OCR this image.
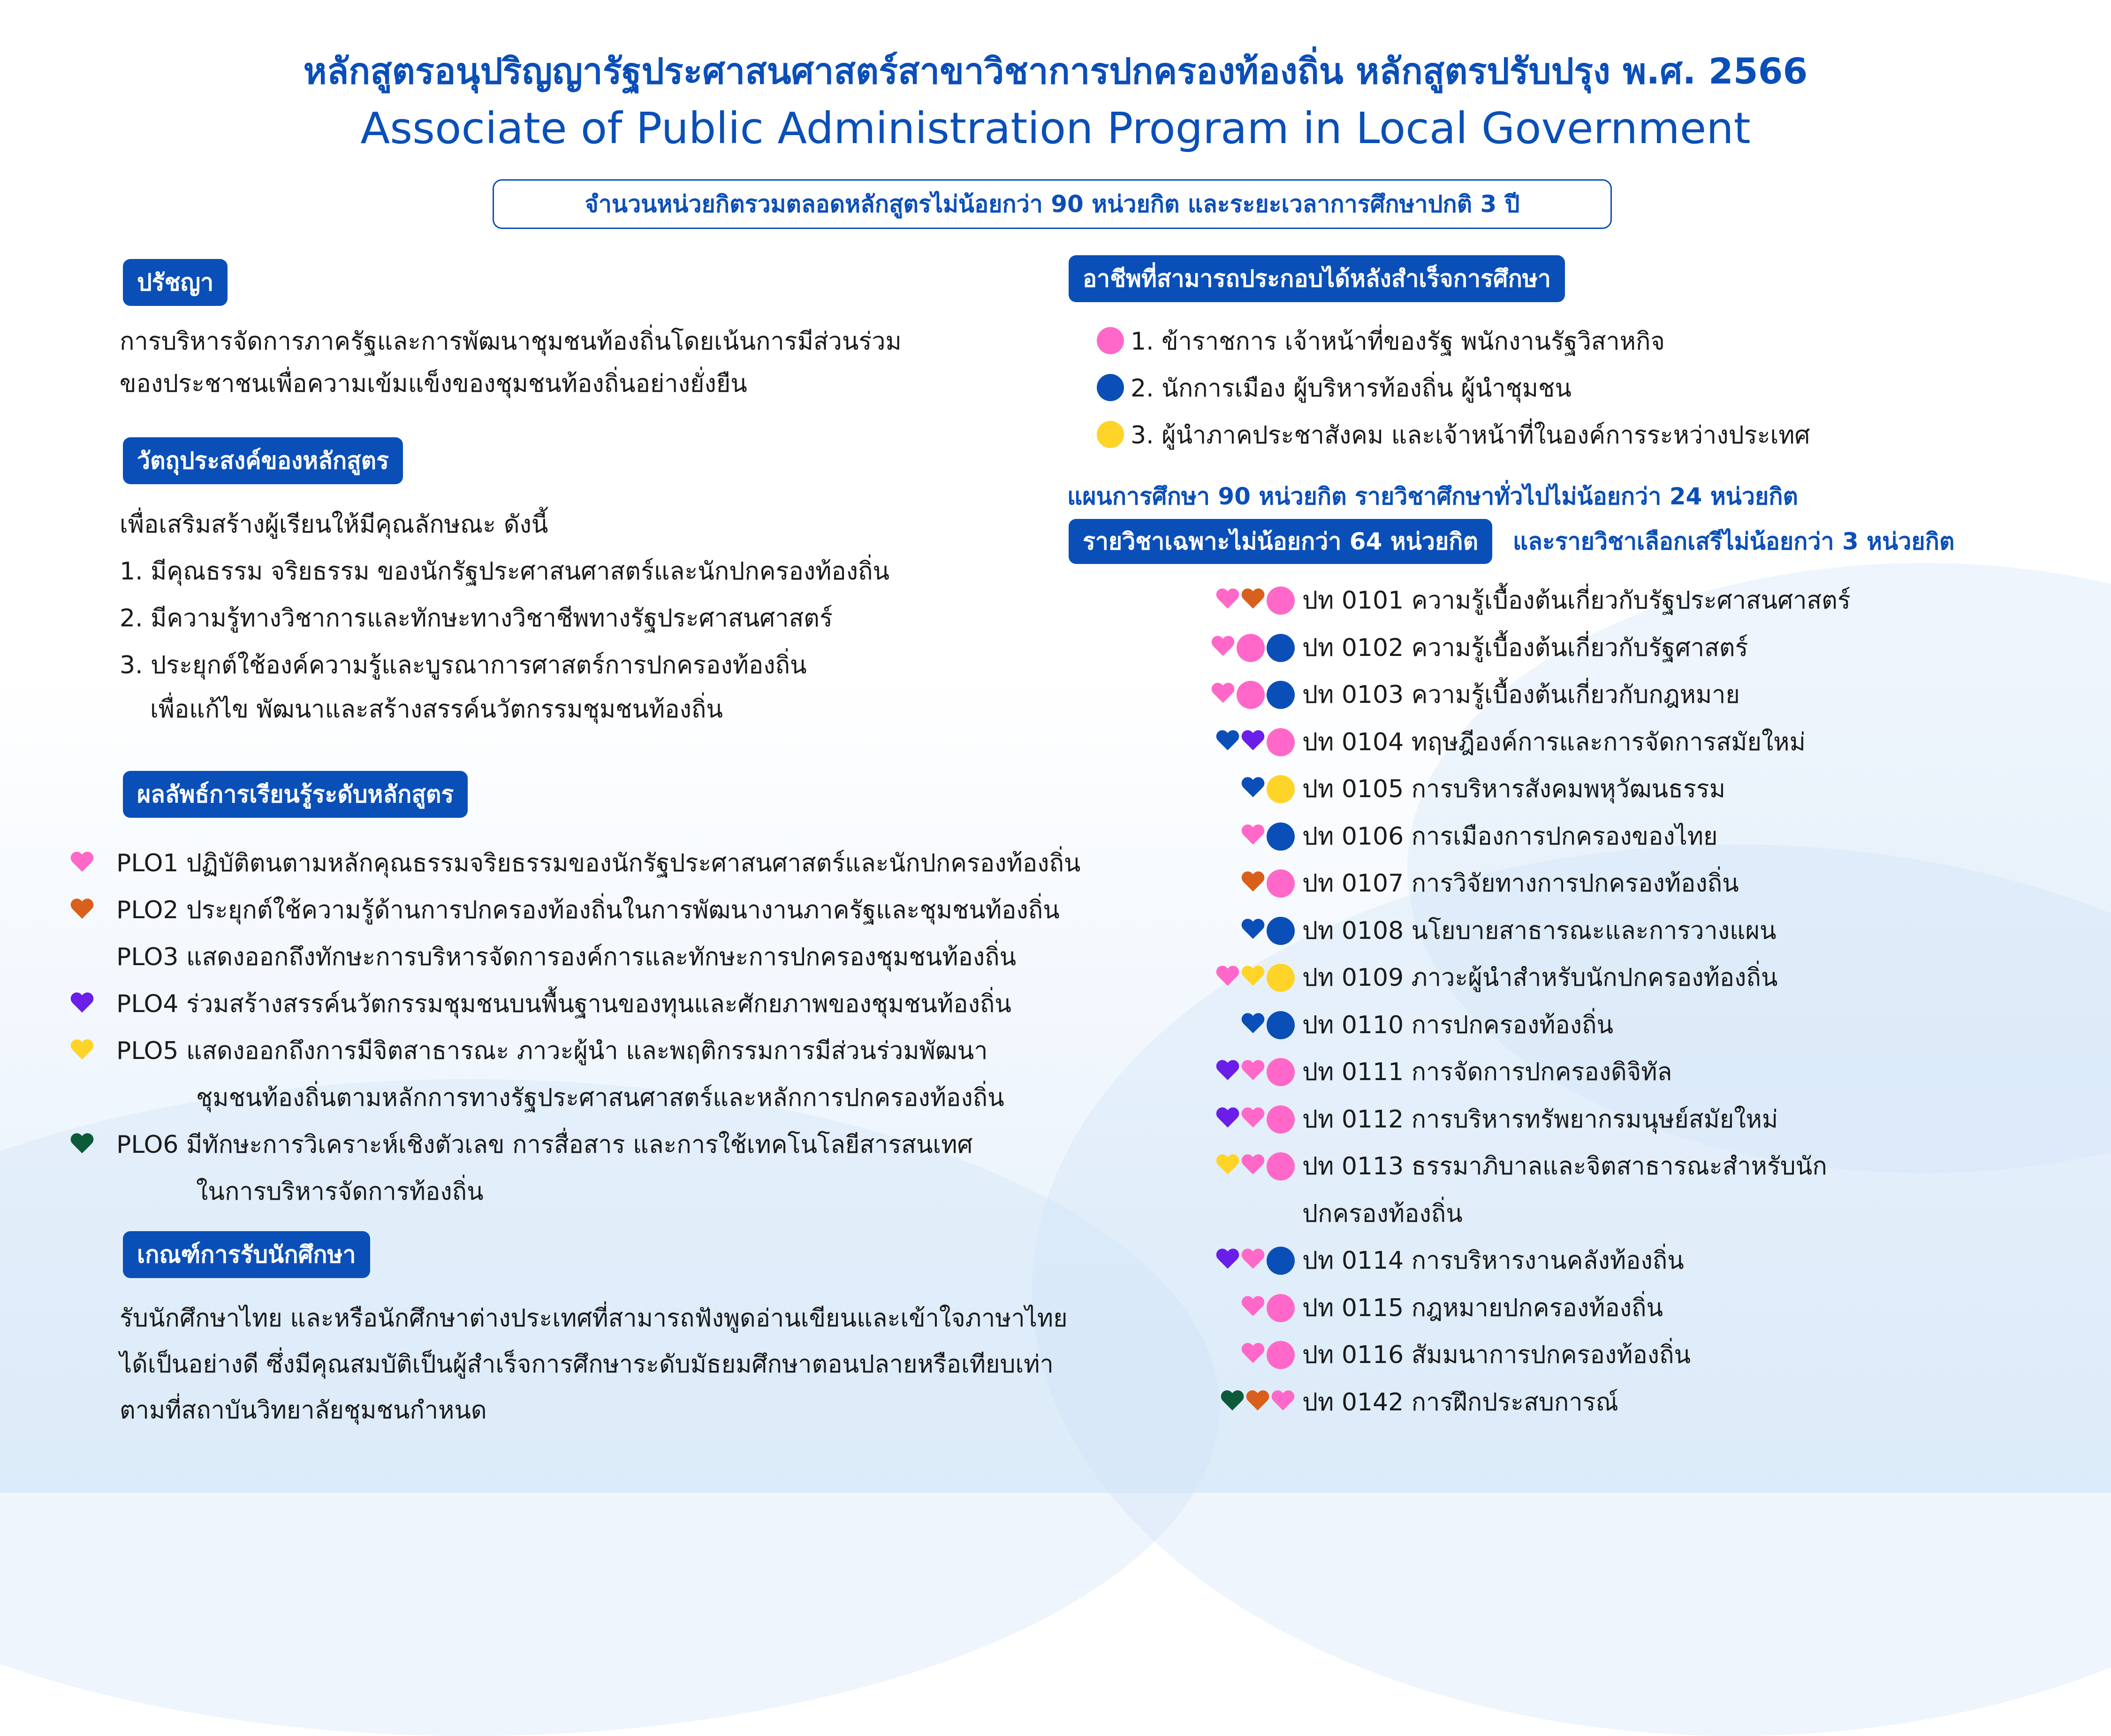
หลักสูตรอนุปริญญารัฐประศาสนศาสตร์สาขาวิชาการปกครองท้องถิ่น หลักสูตรปรับปรุง พ.ศ. 2566
Associate of Public Administration Program in Local Government
จำนวนหน่วยกิตรวมตลอดหลักสูตรไม่น้อยกว่า 90 หน่วยกิต และระยะเวลาการศึกษาปกติ 3 ปี
ปรัชญา
การบริหารจัดการภาครัฐและการพัฒนาชุมชนท้องถิ่นโดยเน้นการมีส่วนร่วม
ของประชาชนเพื่อความเข้มแข็งของชุมชนท้องถิ่นอย่างยั่งยืน
วัตถุประสงค์ของหลักสูตร
เพื่อเสริมสร้างผู้เรียนให้มีคุณลักษณะ ดังนี้
1. มีคุณธรรม จริยธรรม ของนักรัฐประศาสนศาสตร์และนักปกครองท้องถิ่น
2. มีความรู้ทางวิชาการและทักษะทางวิชาชีพทางรัฐประศาสนศาสตร์
3. ประยุกต์ใช้องค์ความรู้และบูรณาการศาสตร์การปกครองท้องถิ่น
เพื่อแก้ไข พัฒนาและสร้างสรรค์นวัตกรรมชุมชนท้องถิ่น
ผลลัพธ์การเรียนรู้ระดับหลักสูตร
PLO1 ปฏิบัติตนตามหลักคุณธรรมจริยธรรมของนักรัฐประศาสนศาสตร์และนักปกครองท้องถิ่น
PLO2 ประยุกต์ใช้ความรู้ด้านการปกครองท้องถิ่นในการพัฒนางานภาครัฐและชุมชนท้องถิ่น
PLO3 แสดงออกถึงทักษะการบริหารจัดการองค์การและทักษะการปกครองชุมชนท้องถิ่น
PLO4 ร่วมสร้างสรรค์นวัตกรรมชุมชนบนพื้นฐานของทุนและศักยภาพของชุมชนท้องถิ่น
PLO5 แสดงออกถึงการมีจิตสาธารณะ ภาวะผู้นำ และพฤติกรรมการมีส่วนร่วมพัฒนา
ชุมชนท้องถิ่นตามหลักการทางรัฐประศาสนศาสตร์และหลักการปกครองท้องถิ่น
PLO6 มีทักษะการวิเคราะห์เชิงตัวเลข การสื่อสาร และการใช้เทคโนโลยีสารสนเทศ
ในการบริหารจัดการท้องถิ่น
เกณฑ์การรับนักศึกษา
รับนักศึกษาไทย และหรือนักศึกษาต่างประเทศที่สามารถฟังพูดอ่านเขียนและเข้าใจภาษาไทย
ได้เป็นอย่างดี ซึ่งมีคุณสมบัติเป็นผู้สำเร็จการศึกษาระดับมัธยมศึกษาตอนปลายหรือเทียบเท่า
ตามที่สถาบันวิทยาลัยชุมชนกำหนด
อาชีพที่สามารถประกอบได้หลังสำเร็จการศึกษา
1. ข้าราชการ เจ้าหน้าที่ของรัฐ พนักงานรัฐวิสาหกิจ
2. นักการเมือง ผู้บริหารท้องถิ่น ผู้นำชุมชน
3. ผู้นำภาคประชาสังคม และเจ้าหน้าที่ในองค์การระหว่างประเทศ
แผนการศึกษา 90 หน่วยกิต รายวิชาศึกษาทั่วไปไม่น้อยกว่า 24 หน่วยกิต
รายวิชาเฉพาะไม่น้อยกว่า 64 หน่วยกิต	และรายวิชาเลือกเสรีไม่น้อยกว่า 3 หน่วยกิต
ปท 0101 ความรู้เบื้องต้นเกี่ยวกับรัฐประศาสนศาสตร์
ปท 0102 ความรู้เบื้องต้นเกี่ยวกับรัฐศาสตร์
ปท 0103 ความรู้เบื้องต้นเกี่ยวกับกฎหมาย
ปท 0104 ทฤษฎีองค์การและการจัดการสมัยใหม่
ปท 0105 การบริหารสังคมพหุวัฒนธรรม
ปท 0106 การเมืองการปกครองของไทย
ปท 0107 การวิจัยทางการปกครองท้องถิ่น
ปท 0108 นโยบายสาธารณะและการวางแผน
ปท 0109 ภาวะผู้นำสำหรับนักปกครองท้องถิ่น
ปท 0110 การปกครองท้องถิ่น
ปท 0111 การจัดการปกครองดิจิทัล
ปท 0112 การบริหารทรัพยากรมนุษย์สมัยใหม่
ปท 0113 ธรรมาภิบาลและจิตสาธารณะสำหรับนัก
ปกครองท้องถิ่น
ปท 0114 การบริหารงานคลังท้องถิ่น
ปท 0115 กฎหมายปกครองท้องถิ่น
ปท 0116 สัมมนาการปกครองท้องถิ่น
ปท 0142 การฝึกประสบการณ์
